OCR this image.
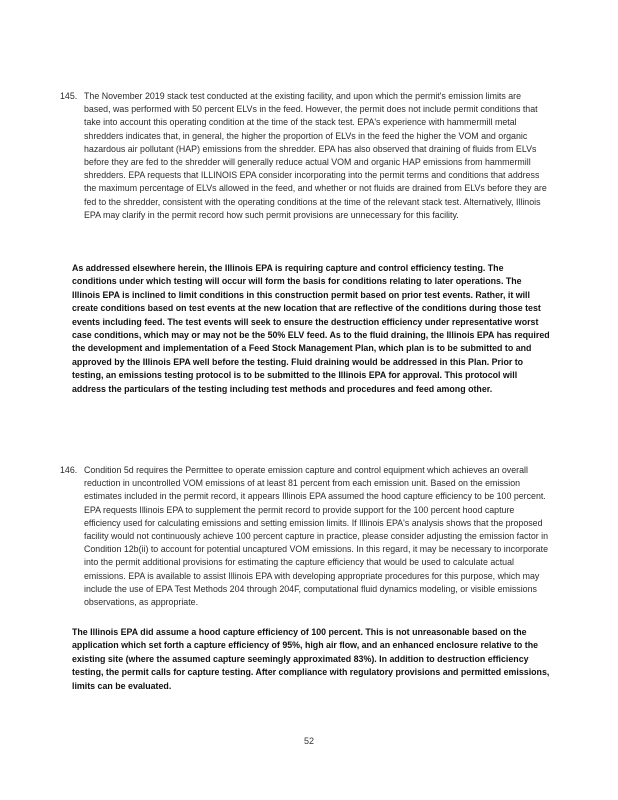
145. The November 2019 stack test conducted at the existing facility, and upon which the permit's emission limits are based, was performed with 50 percent ELVs in the feed. However, the permit does not include permit conditions that take into account this operating condition at the time of the stack test. EPA's experience with hammermill metal shredders indicates that, in general, the higher the proportion of ELVs in the feed the higher the VOM and organic hazardous air pollutant (HAP) emissions from the shredder. EPA has also observed that draining of fluids from ELVs before they are fed to the shredder will generally reduce actual VOM and organic HAP emissions from hammermill shredders. EPA requests that ILLINOIS EPA consider incorporating into the permit terms and conditions that address the maximum percentage of ELVs allowed in the feed, and whether or not fluids are drained from ELVs before they are fed to the shredder, consistent with the operating conditions at the time of the relevant stack test. Alternatively, Illinois EPA may clarify in the permit record how such permit provisions are unnecessary for this facility.
As addressed elsewhere herein, the Illinois EPA is requiring capture and control efficiency testing. The conditions under which testing will occur will form the basis for conditions relating to later operations. The Illinois EPA is inclined to limit conditions in this construction permit based on prior test events. Rather, it will create conditions based on test events at the new location that are reflective of the conditions during those test events including feed. The test events will seek to ensure the destruction efficiency under representative worst case conditions, which may or may not be the 50% ELV feed. As to the fluid draining, the Illinois EPA has required the development and implementation of a Feed Stock Management Plan, which plan is to be submitted to and approved by the Illinois EPA well before the testing. Fluid draining would be addressed in this Plan. Prior to testing, an emissions testing protocol is to be submitted to the Illinois EPA for approval. This protocol will address the particulars of the testing including test methods and procedures and feed among other.
146. Condition 5d requires the Permittee to operate emission capture and control equipment which achieves an overall reduction in uncontrolled VOM emissions of at least 81 percent from each emission unit. Based on the emission estimates included in the permit record, it appears Illinois EPA assumed the hood capture efficiency to be 100 percent. EPA requests Illinois EPA to supplement the permit record to provide support for the 100 percent hood capture efficiency used for calculating emissions and setting emission limits. If Illinois EPA's analysis shows that the proposed facility would not continuously achieve 100 percent capture in practice, please consider adjusting the emission factor in Condition 12b(ii) to account for potential uncaptured VOM emissions. In this regard, it may be necessary to incorporate into the permit additional provisions for estimating the capture efficiency that would be used to calculate actual emissions. EPA is available to assist Illinois EPA with developing appropriate procedures for this purpose, which may include the use of EPA Test Methods 204 through 204F, computational fluid dynamics modeling, or visible emissions observations, as appropriate.
The Illinois EPA did assume a hood capture efficiency of 100 percent. This is not unreasonable based on the application which set forth a capture efficiency of 95%, high air flow, and an enhanced enclosure relative to the existing site (where the assumed capture seemingly approximated 83%). In addition to destruction efficiency testing, the permit calls for capture testing. After compliance with regulatory provisions and permitted emissions, limits can be evaluated.
52
